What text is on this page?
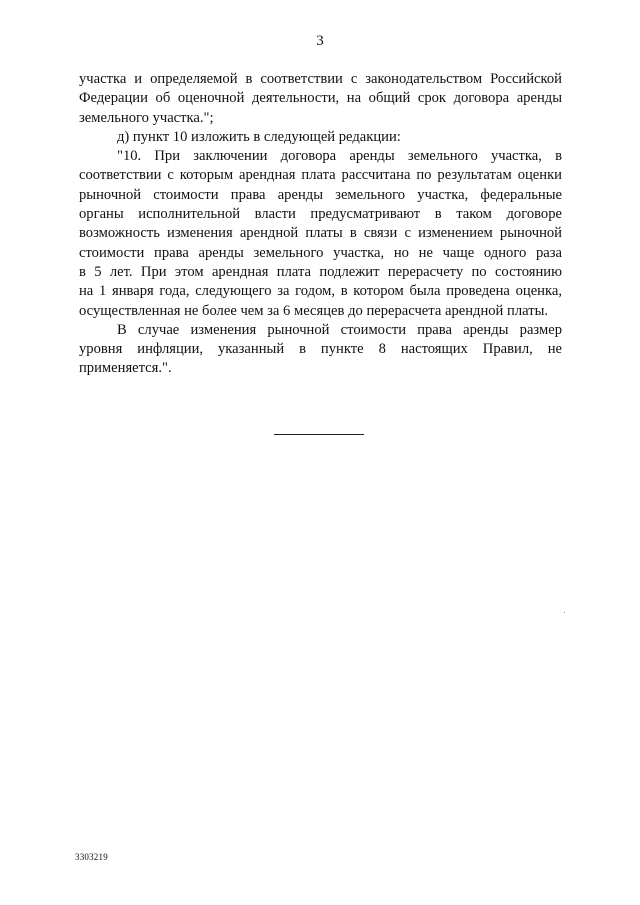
3
участка и определяемой в соответствии с законодательством Российской
Федерации об оценочной деятельности, на общий срок договора аренды
земельного участка.";
д) пункт 10 изложить в следующей редакции:
"10. При заключении договора аренды земельного участка, в
соответствии с которым арендная плата рассчитана по результатам оценки
рыночной стоимости права аренды земельного участка, федеральные
органы исполнительной власти предусматривают в таком договоре
возможность изменения арендной платы в связи с изменением рыночной
стоимости права аренды земельного участка, но не чаще одного раза
в 5 лет. При этом арендная плата подлежит перерасчету по состоянию
на 1 января года, следующего за годом, в котором была проведена оценка,
осуществленная не более чем за 6 месяцев до перерасчета арендной платы.
В случае изменения рыночной стоимости права аренды размер
уровня инфляции, указанный в пункте 8 настоящих Правил, не
применяется.".
3303219
